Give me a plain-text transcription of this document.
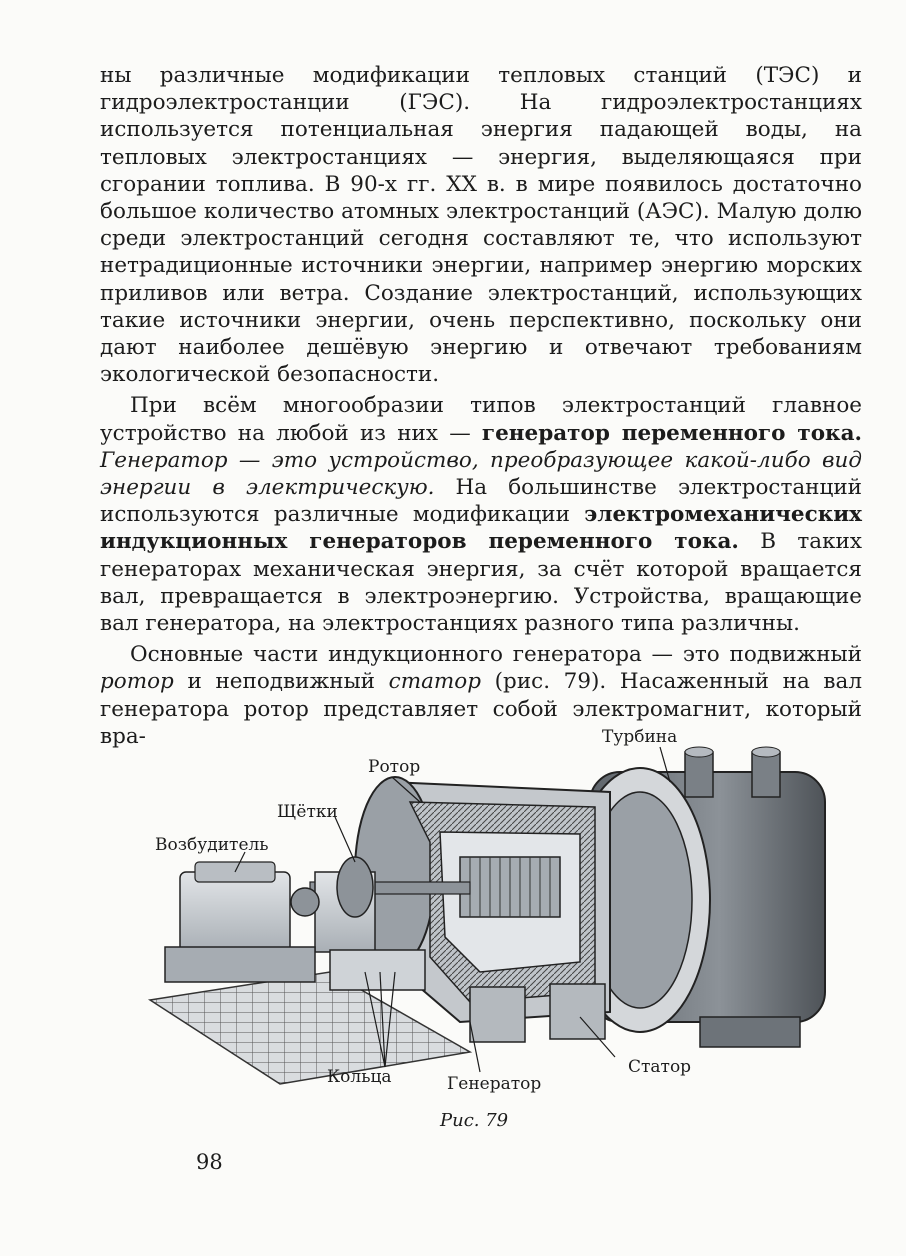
ны различные модификации тепловых станций (ТЭС) и гидроэлектростанции (ГЭС). На гидроэлектростанциях используется потенциальная энергия падающей воды, на тепловых электростанциях — энергия, выделяющаяся при сгорании топлива. В 90-х гг. XX в. в мире появилось достаточно большое количество атомных электростанций (АЭС). Малую долю среди электростанций сегодня составляют те, что используют нетрадиционные источники энергии, например энергию морских приливов или ветра. Создание электростанций, использующих такие источники энергии, очень перспективно, поскольку они дают наиболее дешёвую энергию и отвечают требованиям экологической безопасности.

При всём многообразии типов электростанций главное устройство на любой из них — генератор переменного тока. Генератор — это устройство, преобразующее какой-либо вид энергии в электрическую. На большинстве электростанций используются различные модификации электромеханических индукционных генераторов переменного тока. В таких генераторах механическая энергия, за счёт которой вращается вал, превращается в электроэнергию. Устройства, вращающие вал генератора, на электростанциях разного типа различны.

Основные части индукционного генератора — это подвижный ротор и неподвижный статор (рис. 79). Насаженный на вал генератора ротор представляет собой электромагнит, который вра-	Турбина
Ротор
Щётки
Возбудитель
Кольца	Генератор
Статор
Рис. 79
98
